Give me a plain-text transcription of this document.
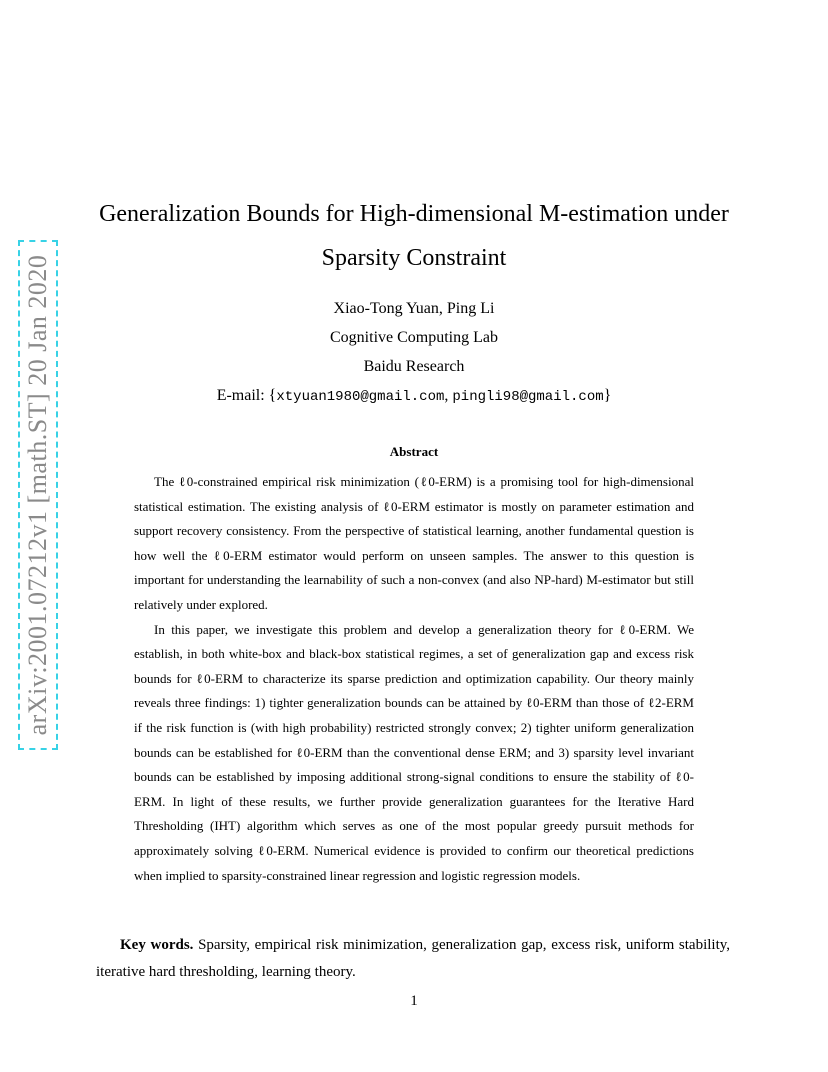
arXiv:2001.07212v1 [math.ST] 20 Jan 2020
Generalization Bounds for High-dimensional M-estimation under
Sparsity Constraint
Xiao-Tong Yuan, Ping Li
Cognitive Computing Lab
Baidu Research
E-mail: {xtyuan1980@gmail.com, pingli98@gmail.com}
Abstract

The ℓ0-constrained empirical risk minimization (ℓ0-ERM) is a promising tool for high-dimensional statistical estimation. The existing analysis of ℓ0-ERM estimator is mostly on parameter estimation and support recovery consistency. From the perspective of statistical learning, another fundamental question is how well the ℓ0-ERM estimator would perform on unseen samples. The answer to this question is important for understanding the learnability of such a non-convex (and also NP-hard) M-estimator but still relatively under explored.

In this paper, we investigate this problem and develop a generalization theory for ℓ0-ERM. We establish, in both white-box and black-box statistical regimes, a set of generalization gap and excess risk bounds for ℓ0-ERM to characterize its sparse prediction and optimization capability. Our theory mainly reveals three findings: 1) tighter generalization bounds can be attained by ℓ0-ERM than those of ℓ2-ERM if the risk function is (with high probability) restricted strongly convex; 2) tighter uniform generalization bounds can be established for ℓ0-ERM than the conventional dense ERM; and 3) sparsity level invariant bounds can be established by imposing additional strong-signal conditions to ensure the stability of ℓ0-ERM. In light of these results, we further provide generalization guarantees for the Iterative Hard Thresholding (IHT) algorithm which serves as one of the most popular greedy pursuit methods for approximately solving ℓ0-ERM. Numerical evidence is provided to confirm our theoretical predictions when implied to sparsity-constrained linear regression and logistic regression models.

Key words. Sparsity, empirical risk minimization, generalization gap, excess risk, uniform stability, iterative hard thresholding, learning theory.
1
